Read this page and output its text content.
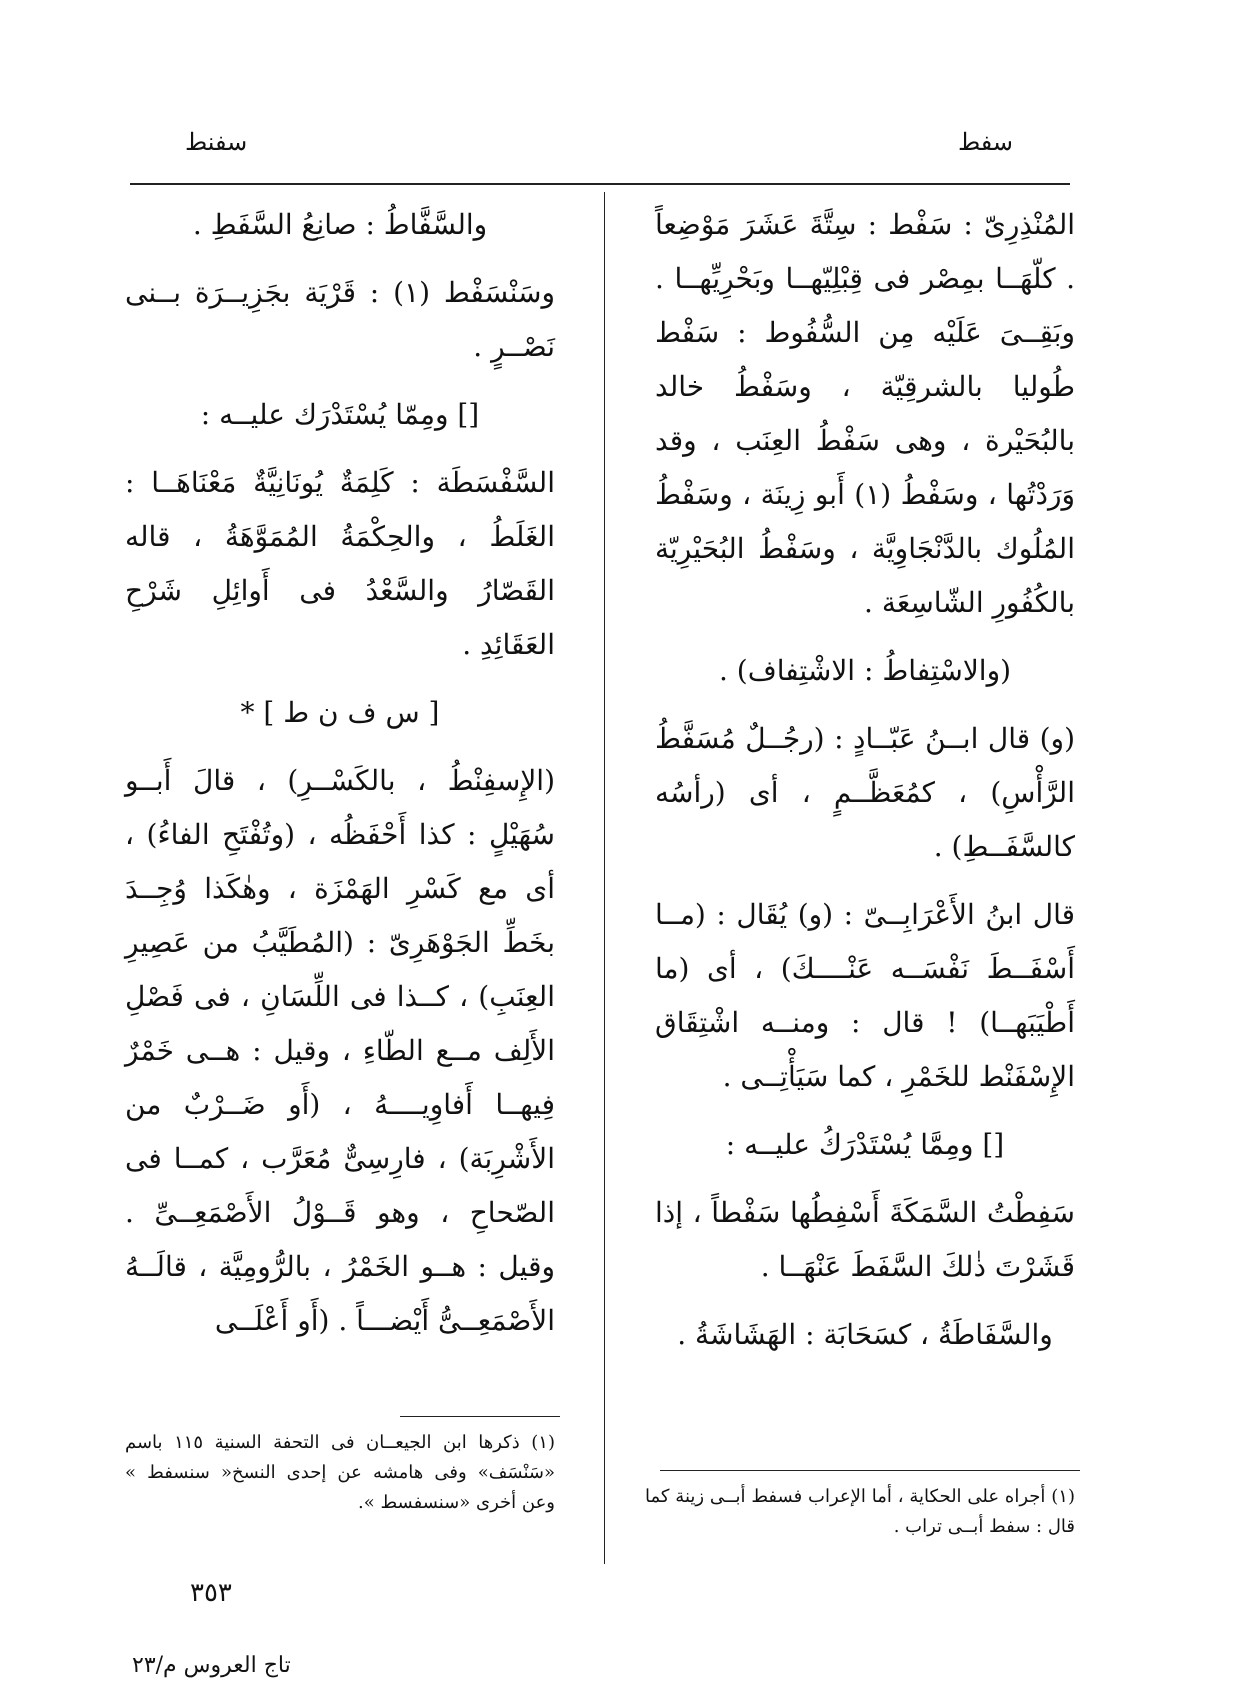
سفط
سفنط

المُنْذِرِىّ : سَفْط : سِتَّةَ عَشَرَ مَوْضِعاً . كلّهَــا بمِصْر فى قِبْلِيّهــا وبَحْرِيِّهــا . وبَقِــىَ عَلَيْه مِن السُّفُوط : سَفْط طُوليا بالشرقِيّة ، وسَفْطُ خالد بالبُحَيْرة ، وهى سَفْطُ العِنَب ، وقد وَرَدْتُها ، وسَفْطُ (١) أَبو زِينَة ، وسَفْطُ المُلُوك بالدَّنْجَاوِيَّة ، وسَفْطُ البُحَيْرِيّة بالكُفُورِ الشّاسِعَة .

(والاسْتِفاطُ : الاشْتِفاف) .

(و) قال ابــنُ عَبّــادٍ : (رجُــلٌ مُسَفَّطُ الرَّأْسِ) ، كمُعَظَّــمٍ ، أى (رأسُه كالسَّفَــطِ) .

قال ابنُ الأَعْرَابِــىّ : (و) يُقَال : (مــا أَسْفَــطَ نَفْسَــه عَنْــــكَ) ، أى (ما أَطْيَبَهــا) ! قال : ومنــه اشْتِقَاق الإِسْفَنْط للخَمْرِ ، كما سَيَأْتِــى .

[] ومِمَّا يُسْتَدْرَكُ عليــه :

سَفِطْتُ السَّمَكَةَ أَسْفِطُها سَفْطاً ، إذا قَشَرْتَ ذٰلكَ السَّفَطَ عَنْهَــا .

والسَّفَاطَةُ ، كسَحَابَة : الهَشَاشَةُ .

والسَّفَّاطُ : صانِعُ السَّفَطِ .

وسَنْسَفْط (١) : قَرْيَة بجَزِيــرَة بــنى نَصْــرٍ .

[] ومِمّا يُسْتَدْرَك عليــه :

السَّفْسَطَة : كَلِمَةٌ يُونَانِيَّةٌ مَعْنَاهَــا : الغَلَطُ ، والحِكْمَةُ المُمَوَّهَةُ ، قاله القَصّارُ والسَّعْدُ فى أَوائِلِ شَرْحِ العَقَائِدِ .

[ س ف ن ط ] *

(الإِسفِنْطُ ، بالكَسْــرِ) ، قالَ أَبــو سُهَيْلٍ : كذا أَحْفَظُه ، (وتُفْتَحِ الفاءُ) ، أى مع كَسْرِ الهَمْزَة ، وهٰكَذا وُجِــدَ بخَطِّ الجَوْهَرِىّ : (المُطَيَّبُ من عَصِيرِ العِنَبِ) ، كــذا فى اللِّسَانِ ، فى فَصْلِ الأَلِف مــع الطّاءِ ، وقيل : هــى خَمْرٌ فِيهــا أَفاوِيــــهُ ، (أَو ضَــرْبٌ من الأَشْرِبَة) ، فارِسِىٌّ مُعَرَّب ، كمــا فى الصّحاحِ ، وهو قَــوْلُ الأَصْمَعِــىِّ . وقيل : هــو الخَمْرُ ، بالرُّومِيَّة ، قالَــهُ الأَصْمَعِــىُّ أَيْضـــاً . (أَو أَعْلَــى

(١) أجراه على الحكاية ، أما الإعراب فسفط أبــى زينة كما قال : سفط أبــى تراب .
(١) ذكرها ابن الجيعــان فى التحفة السنية ١١٥ باسم «سَنْسَف» وفى هامشه عن إحدى النسخ« سنسفط » وعن أخرى «سنسفسط ».
٣٥٣
تاج العروس م/٢٣
